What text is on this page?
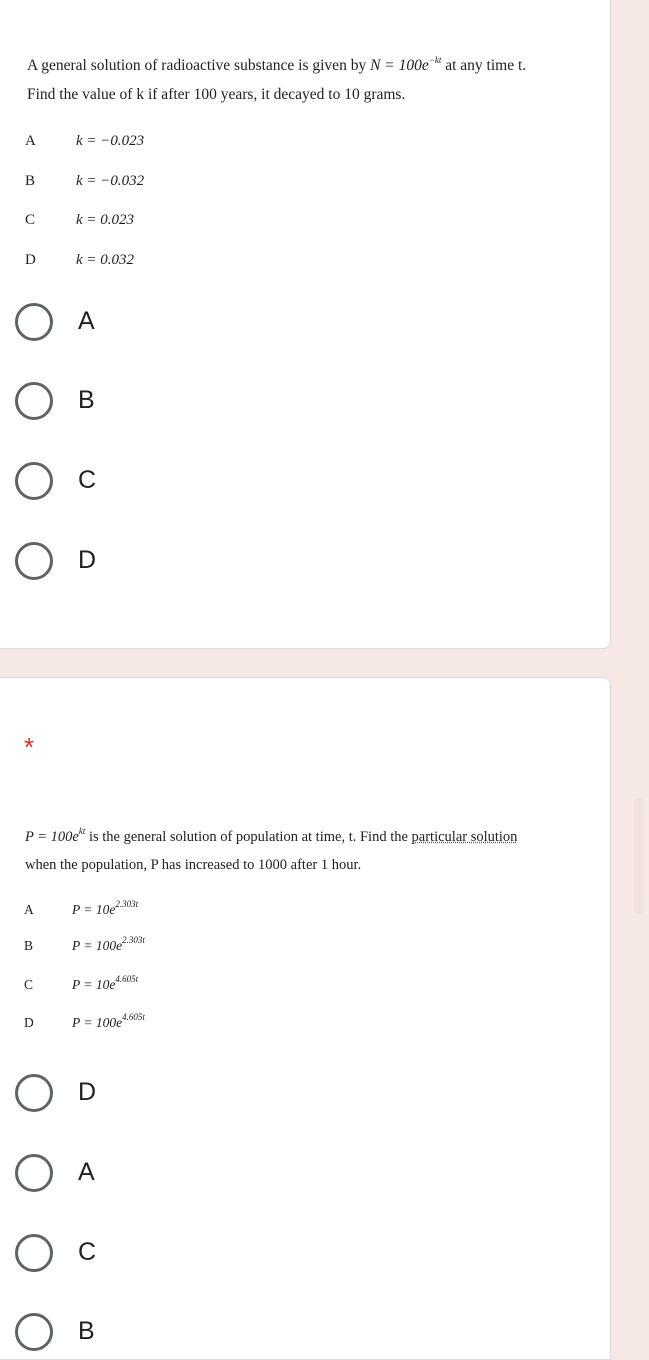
A general solution of radioactive substance is given by $N = 100e^{-kt}$ at any time t.
Find the value of k if after 100 years, it decayed to 10 grams.
A	k = −0.023
B	k = −0.032
C	k = 0.023
D	k = 0.032
A
B
C
D
*
$P = 100e^{kt}$ is the general solution of population at time, t. Find the particular solution
when the population, P has increased to 1000 after 1 hour.
A	$P = 10e^{2.303t}$
B	$P = 100e^{2.303t}$
C	$P = 10e^{4.605t}$
D	$P = 100e^{4.605t}$
D
A
C
B
